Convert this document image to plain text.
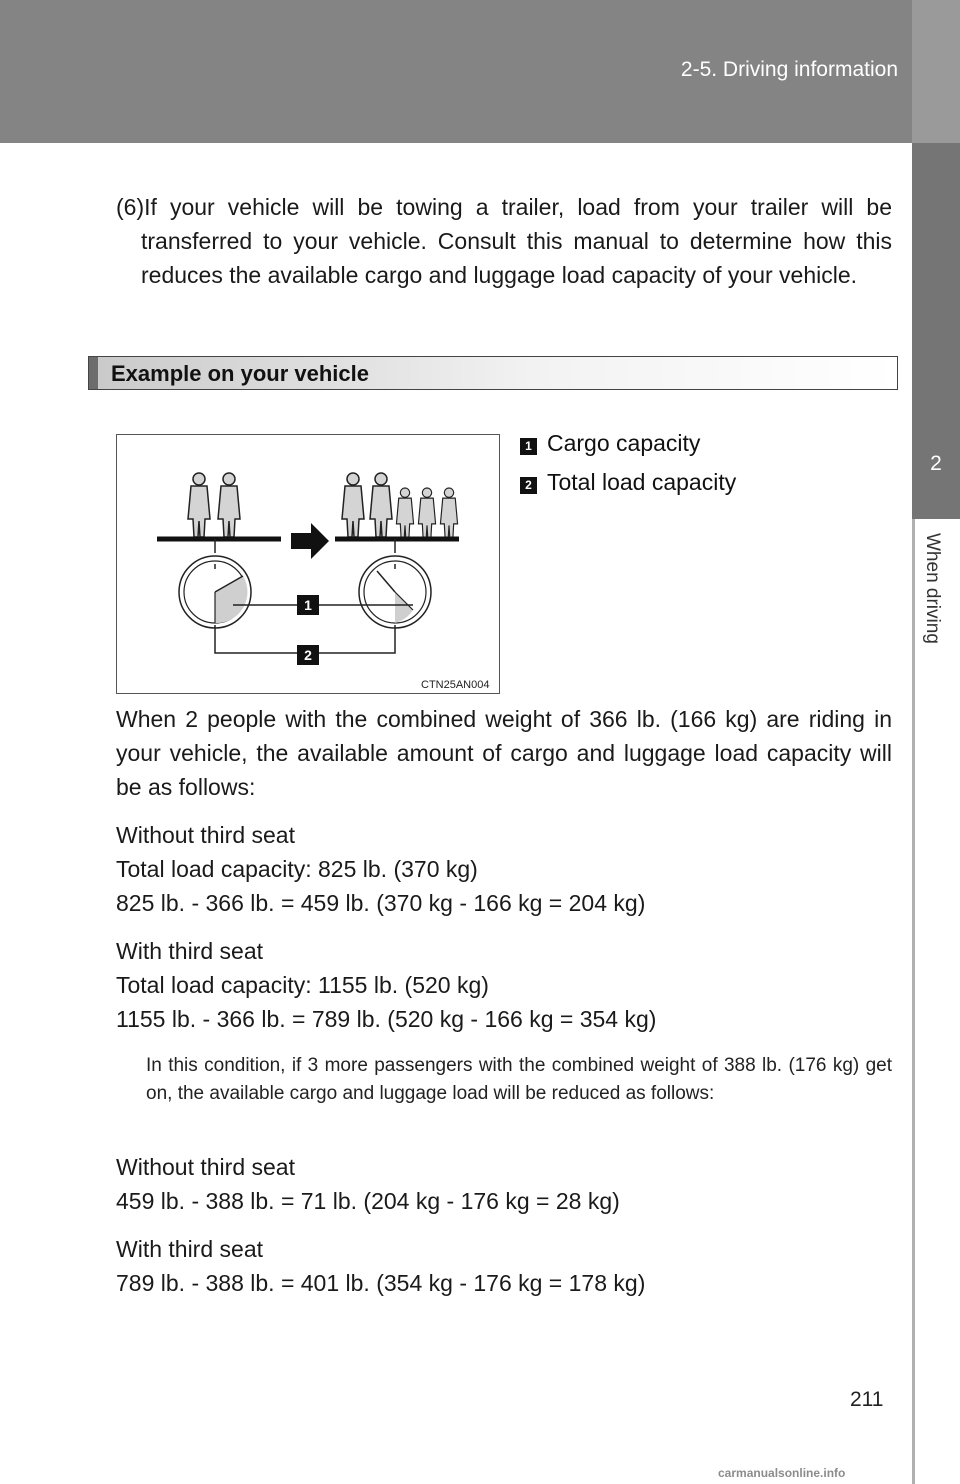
2-5. Driving information
2
When driving

(6)If your vehicle will be towing a trailer, load from your trailer will be transferred to your vehicle. Consult this manual to determine how this reduces the available cargo and luggage load capacity of your vehicle.

Example on your vehicle
1
2
CTN25AN004
1 Cargo capacity
2 Total load capacity

When 2 people with the combined weight of 366 lb. (166 kg) are riding in your vehicle, the available amount of cargo and luggage load capacity will be as follows:

Without third seat
Total load capacity: 825 lb. (370 kg)
825 lb. - 366 lb. = 459 lb. (370 kg - 166 kg = 204 kg)
With third seat
Total load capacity: 1155 lb. (520 kg)
1155 lb. - 366 lb. = 789 lb. (520 kg - 166 kg = 354 kg)

In this condition, if 3 more passengers with the combined weight of 388 lb. (176 kg) get on, the available cargo and luggage load will be reduced as follows:

Without third seat
459 lb. - 388 lb. = 71 lb. (204 kg - 176 kg = 28 kg)
With third seat
789 lb. - 388 lb. = 401 lb. (354 kg - 176 kg = 178 kg)
211
carmanualsonline.info
